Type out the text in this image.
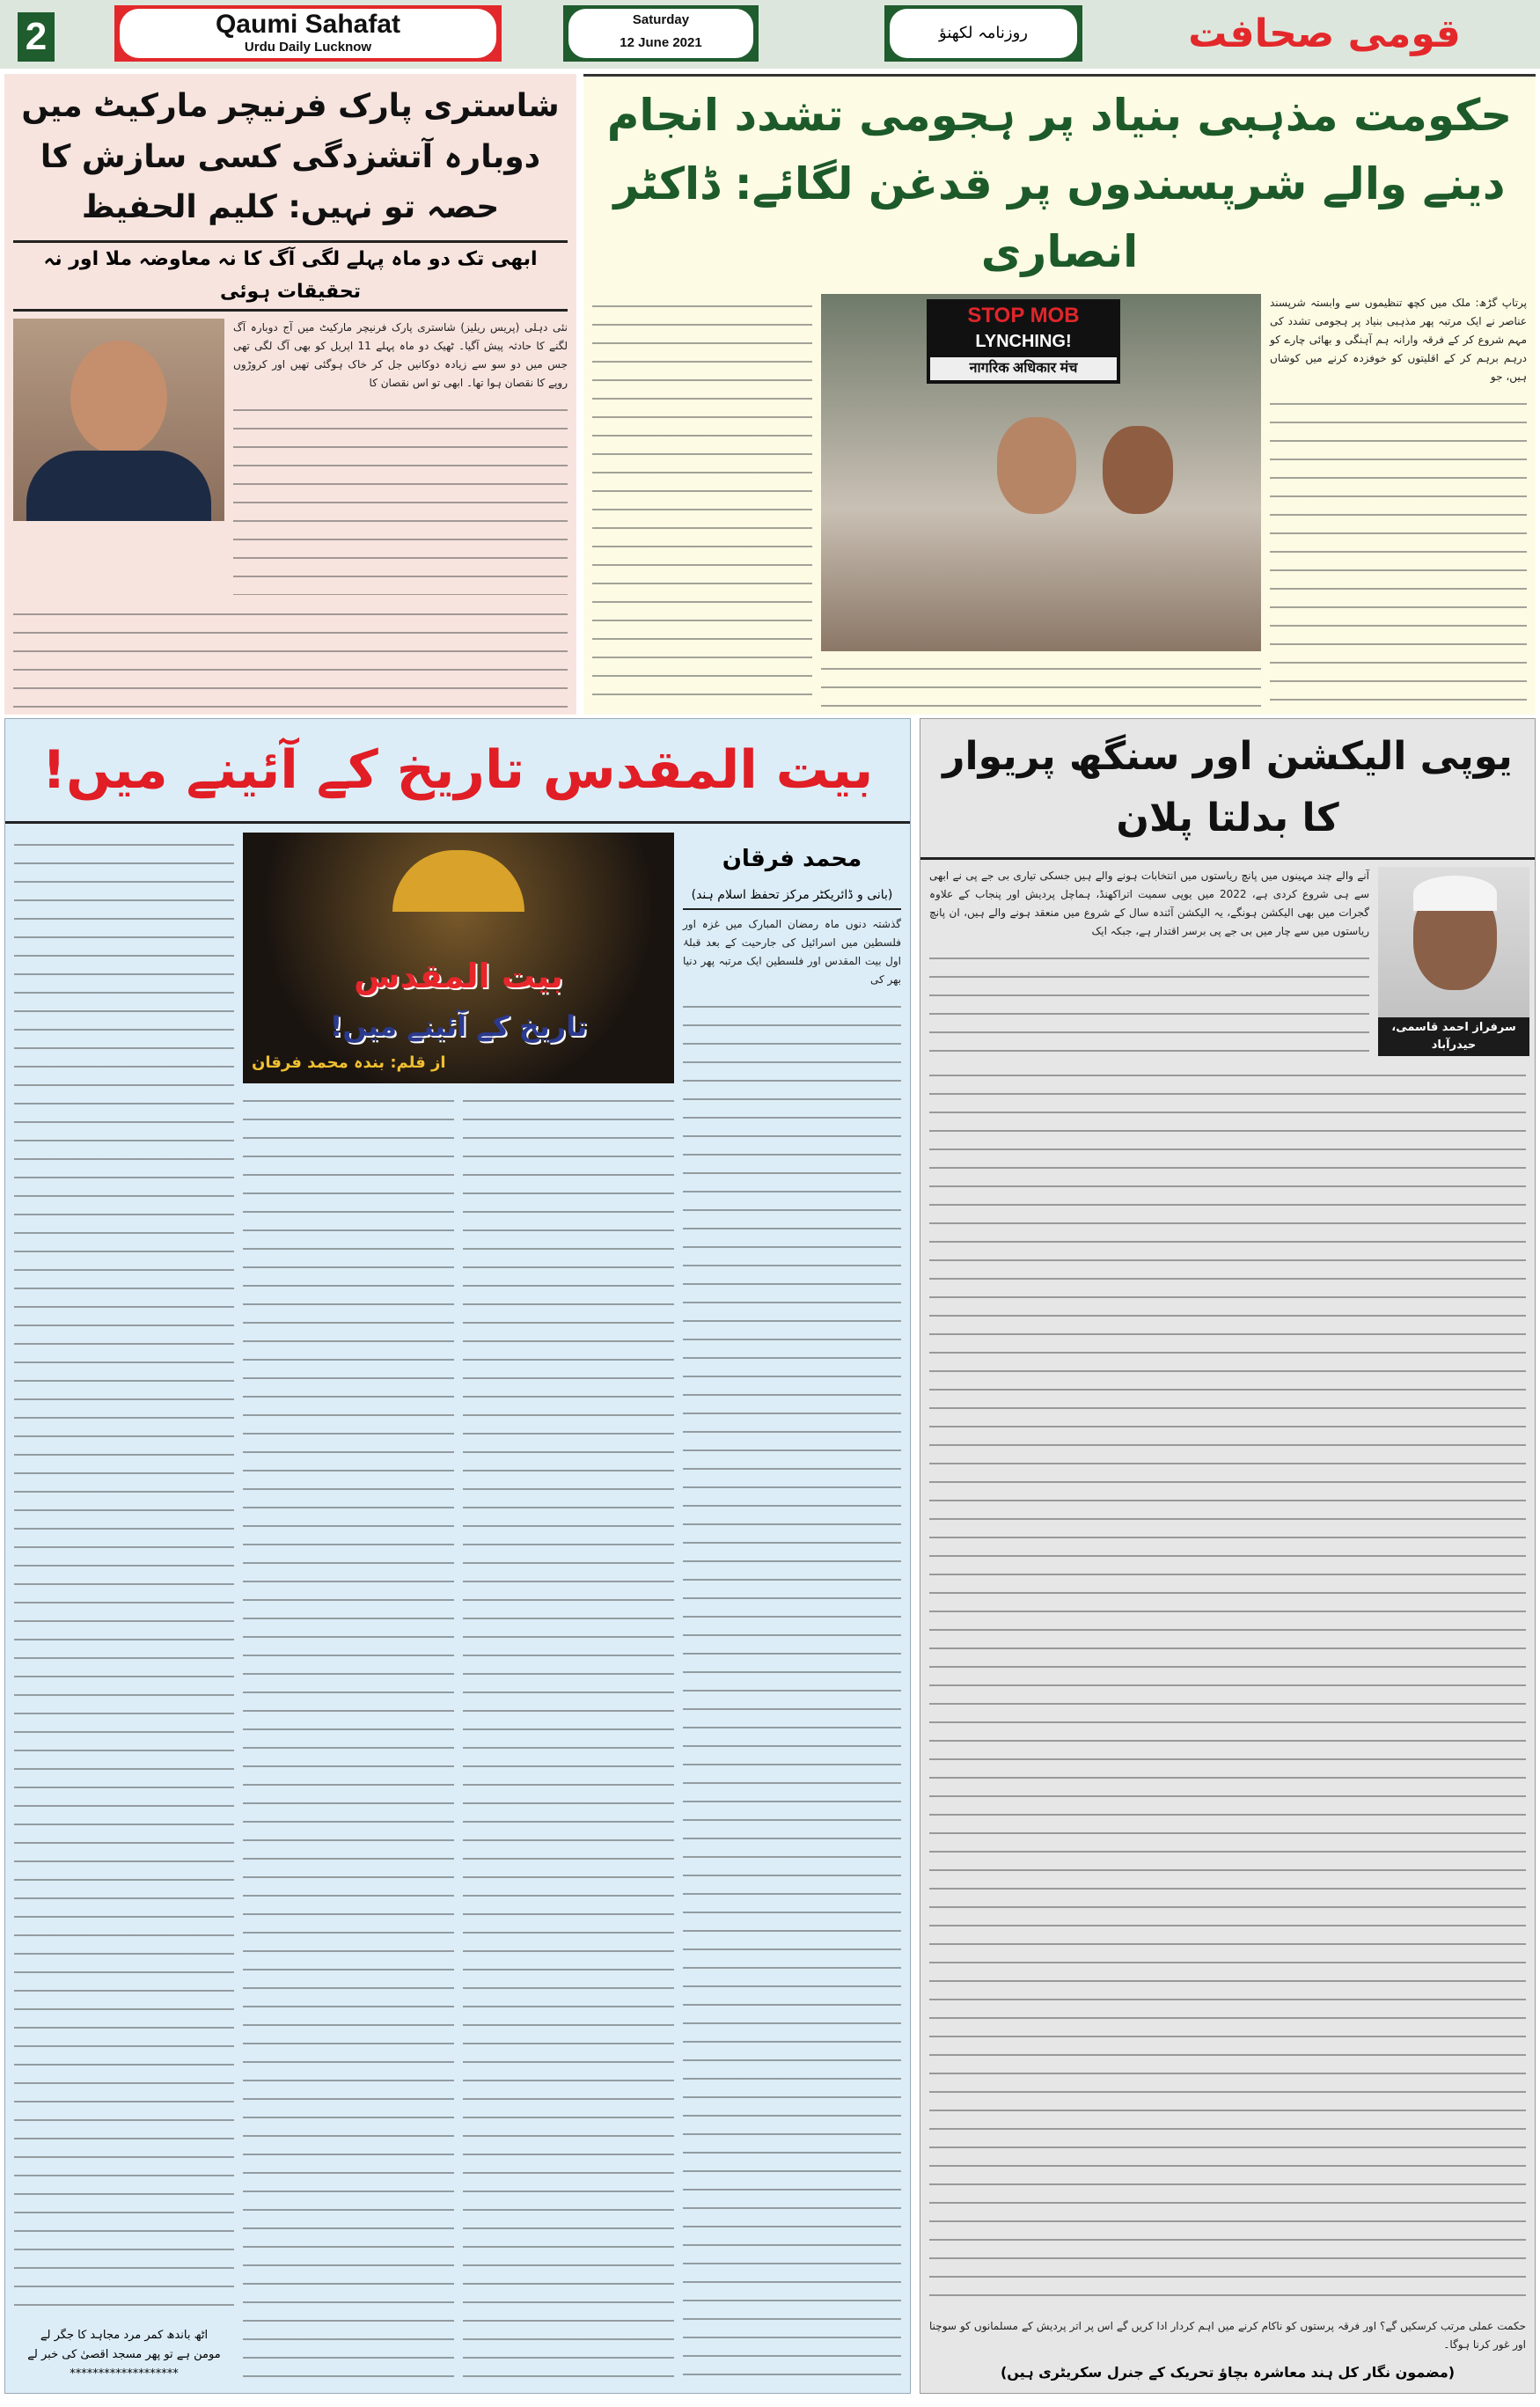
2	Qaumi Sahafat
Urdu Daily Lucknow
Saturday
12 June 2021
روزنامہ لکھنؤ	قومی صحافت
شاستری پارک فرنیچر مارکیٹ میں دوبارہ آتشزدگی کسی سازش کا حصہ تو نہیں: کلیم الحفیظ
ابھی تک دو ماہ پہلے لگی آگ کا نہ معاوضہ ملا اور نہ تحقیقات ہوئی
نئی دہلی (پریس ریلیز) شاستری پارک فرنیچر مارکیٹ میں آج دوبارہ آگ لگنے کا حادثہ پیش آگیا۔ ٹھیک دو ماہ پہلے 11 اپریل کو بھی آگ لگی تھی جس میں دو سو سے زیادہ دوکانیں جل کر خاک ہوگئی تھیں اور کروڑوں روپے کا نقصان ہوا تھا۔ ابھی تو اس نقصان کا
حکومت مذہبی بنیاد پر ہجومی تشدد انجام دینے والے شرپسندوں پر قدغن لگائے: ڈاکٹر انصاری
STOP MOB
LYNCHING!
नागरिक अधिकार मंच
پرتاپ گڑھ: ملک میں کچھ تنظیموں سے وابستہ شرپسند عناصر نے ایک مرتبہ پھر مذہبی بنیاد پر ہجومی تشدد کی مہم شروع کر کے فرقہ وارانہ ہم آہنگی و بھائی چارے کو درہم برہم کر کے اقلیتوں کو خوفزدہ کرنے میں کوشاں ہیں، جو
بیت المقدس تاریخ کے آئینے میں!
اٹھ باندھ کمر مرد مجاہد کا جگر لے
مومن ہے تو پھر مسجد اقصیٰ کی خبر لے
*******************
بیت المقدس
تاریخ کے آئینے میں!
از قلم: بندہ محمد فرقان
محمد فرقان
(بانی و ڈائریکٹر مرکز تحفظ اسلام ہند)
گذشتہ دنوں ماہ رمضان المبارک میں غزہ اور فلسطین میں اسرائیل کی جارحیت کے بعد قبلۂ اول بیت المقدس اور فلسطین ایک مرتبہ پھر دنیا بھر کی
یوپی الیکشن اور سنگھ پریوار کا بدلتا پلان
آنے والے چند مہینوں میں پانچ ریاستوں میں انتخابات ہونے والے ہیں جسکی تیاری بی جے پی نے ابھی سے ہی شروع کردی ہے، 2022 میں یوپی سمیت اتراکھنڈ، ہماچل پردیش اور پنجاب کے علاوہ گجرات میں بھی الیکشن ہونگے، یہ الیکشن آئندہ سال کے شروع میں منعقد ہونے والے ہیں، ان پانچ ریاستوں میں سے چار میں بی جے پی برسر اقتدار ہے، جبکہ ایک
سرفراز احمد قاسمی، حیدرآباد
حکمت عملی مرتب کرسکیں گے؟ اور فرقہ پرستوں کو ناکام کرنے میں اہم کردار ادا کریں گے اس پر اتر پردیش کے مسلمانوں کو سوچنا اور غور کرنا ہوگا۔
(مضمون نگار کل ہند معاشرہ بچاؤ تحریک کے جنرل سکریٹری ہیں)
